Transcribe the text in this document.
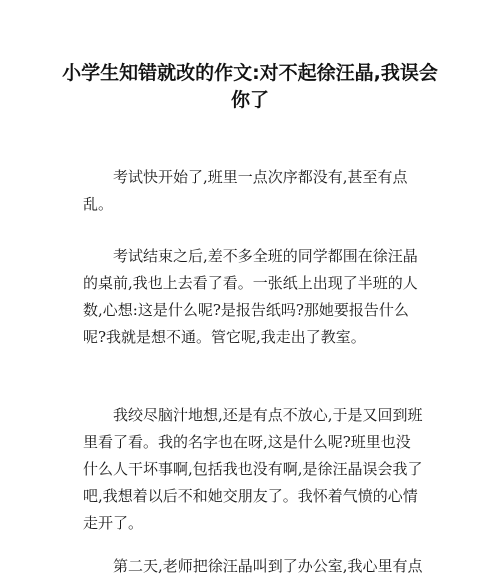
小学生知错就改的作文:对不起徐汪晶,我误会你了

考试快开始了,班里一点次序都没有,甚至有点乱。

考试结束之后,差不多全班的同学都围在徐汪晶的桌前,我也上去看了看。一张纸上出现了半班的人数,心想:这是什么呢?是报告纸吗?那她要报告什么呢?我就是想不通。管它呢,我走出了教室。

我绞尽脑汁地想,还是有点不放心,于是又回到班里看了看。我的名字也在呀,这是什么呢?班里也没什么人干坏事啊,包括我也没有啊,是徐汪晶误会我了吧,我想着以后不和她交朋友了。我怀着气愤的心情走开了。

第二天,老师把徐汪晶叫到了办公室,我心里有点
